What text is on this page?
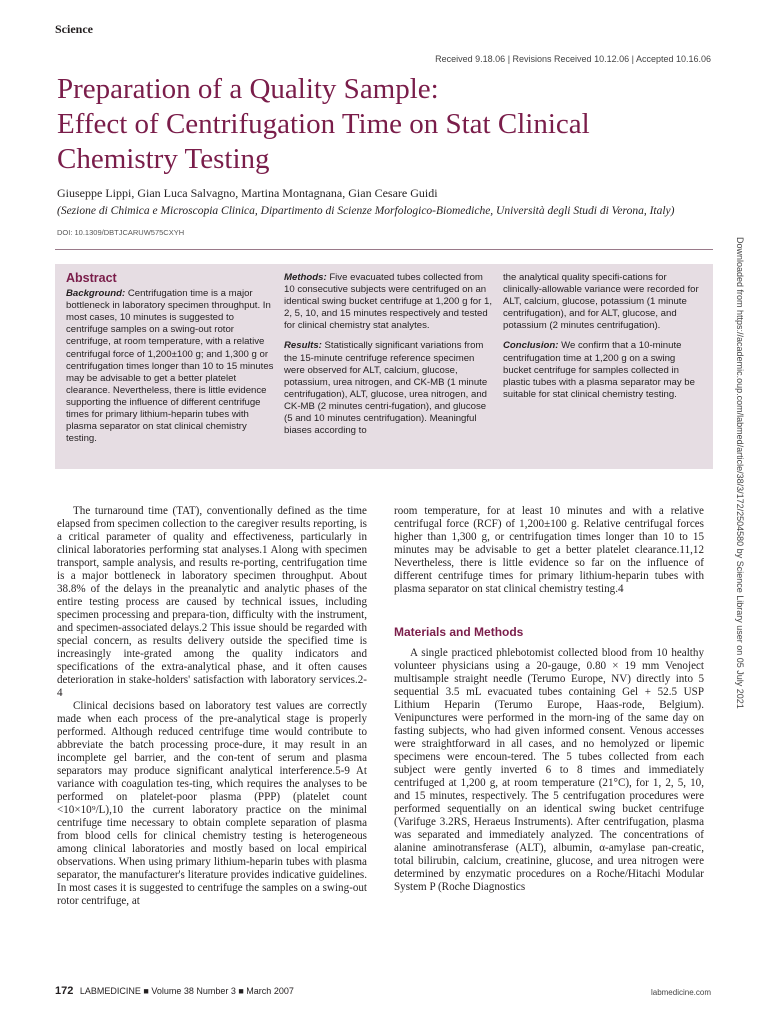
Science
Received 9.18.06 | Revisions Received 10.12.06 | Accepted 10.16.06
Preparation of a Quality Sample:
Effect of Centrifugation Time on Stat Clinical
Chemistry Testing
Giuseppe Lippi, Gian Luca Salvagno, Martina Montagnana, Gian Cesare Guidi
(Sezione di Chimica e Microscopia Clinica, Dipartimento di Scienze Morfologico-Biomediche, Università degli Studi di Verona, Italy)
DOI: 10.1309/DBTJCARUW575CXYH
Abstract

Background: Centrifugation time is a major bottleneck in laboratory specimen throughput. In most cases, 10 minutes is suggested to centrifuge samples on a swing-out rotor centrifuge, at room temperature, with a relative centrifugal force of 1,200±100 g; and 1,300 g or centrifugation times longer than 10 to 15 minutes may be advisable to get a better platelet clearance. Nevertheless, there is little evidence supporting the influence of different centrifuge times for primary lithium-heparin tubes with plasma separator on stat clinical chemistry testing.

Methods: Five evacuated tubes collected from 10 consecutive subjects were centrifuged on an identical swing bucket centrifuge at 1,200 g for 1, 2, 5, 10, and 15 minutes respectively and tested for clinical chemistry stat analytes.

Results: Statistically significant variations from the 15-minute centrifuge reference specimen were observed for ALT, calcium, glucose, potassium, urea nitrogen, and CK-MB (1 minute centrifugation), ALT, glucose, urea nitrogen, and CK-MB (2 minutes centri-fugation), and glucose (5 and 10 minutes centrifugation). Meaningful biases according to

the analytical quality specifi-cations for clinically-allowable variance were recorded for ALT, calcium, glucose, potassium (1 minute centrifugation), and for ALT, glucose, and potassium (2 minutes centrifugation).

Conclusion: We confirm that a 10-minute centrifugation time at 1,200 g on a swing bucket centrifuge for samples collected in plastic tubes with a plasma separator may be suitable for stat clinical chemistry testing.

The turnaround time (TAT), conventionally defined as the time elapsed from specimen collection to the caregiver results reporting, is a critical parameter of quality and effectiveness, particularly in clinical laboratories performing stat analyses.1 Along with specimen transport, sample analysis, and results re-porting, centrifugation time is a major bottleneck in laboratory specimen throughput. About 38.8% of the delays in the preanalytic and analytic phases of the entire testing process are caused by technical issues, including specimen processing and prepara-tion, difficulty with the instrument, and specimen-associated delays.2 This issue should be regarded with special concern, as results delivery outside the specified time is increasingly inte-grated among the quality indicators and specifications of the extra-analytical phase, and it often causes deterioration in stake-holders' satisfaction with laboratory services.2-4

Clinical decisions based on laboratory test values are correctly made when each process of the pre-analytical stage is properly performed. Although reduced centrifuge time would contribute to abbreviate the batch processing proce-dure, it may result in an incomplete gel barrier, and the con-tent of serum and plasma separators may produce significant analytical interference.5-9 At variance with coagulation tes-ting, which requires the analyses to be performed on platelet-poor plasma (PPP) (platelet count <10×10⁹/L),10 the current laboratory practice on the minimal centrifuge time necessary to obtain complete separation of plasma from blood cells for clinical chemistry testing is heterogeneous among clinical laboratories and mostly based on local empirical observations. When using primary lithium-heparin tubes with plasma separator, the manufacturer's literature provides indicative guidelines. In most cases it is suggested to centrifuge the samples on a swing-out rotor centrifuge, at

room temperature, for at least 10 minutes and with a relative centrifugal force (RCF) of 1,200±100 g. Relative centrifugal forces higher than 1,300 g, or centrifugation times longer than 10 to 15 minutes may be advisable to get a better platelet clearance.11,12 Nevertheless, there is little evidence so far on the influence of different centrifuge times for primary lithium-heparin tubes with plasma separator on stat clinical chemistry testing.4

Materials and Methods

A single practiced phlebotomist collected blood from 10 healthy volunteer physicians using a 20-gauge, 0.80 × 19 mm Venoject multisample straight needle (Terumo Europe, NV) directly into 5 sequential 3.5 mL evacuated tubes containing Gel + 52.5 USP Lithium Heparin (Terumo Europe, Haas-rode, Belgium). Venipunctures were performed in the morn-ing of the same day on fasting subjects, who had given informed consent. Venous accesses were straightforward in all cases, and no hemolyzed or lipemic specimens were encoun-tered. The 5 tubes collected from each subject were gently inverted 6 to 8 times and immediately centrifuged at 1,200 g, at room temperature (21°C), for 1, 2, 5, 10, and 15 minutes, respectively. The 5 centrifugation procedures were performed sequentially on an identical swing bucket centrifuge (Varifuge 3.2RS, Heraeus Instruments). After centrifugation, plasma was separated and immediately analyzed. The concentrations of alanine aminotransferase (ALT), albumin, α-amylase pan-creatic, total bilirubin, calcium, creatinine, glucose, and urea nitrogen were determined by enzymatic procedures on a Roche/Hitachi Modular System P (Roche Diagnostics

Downloaded from https://academic.oup.com/labmed/article/38/3/172/2504580 by Science Library user on 05 July 2021
172 LABMEDICINE ■ Volume 38 Number 3 ■ March 2007	labmedicine.com
